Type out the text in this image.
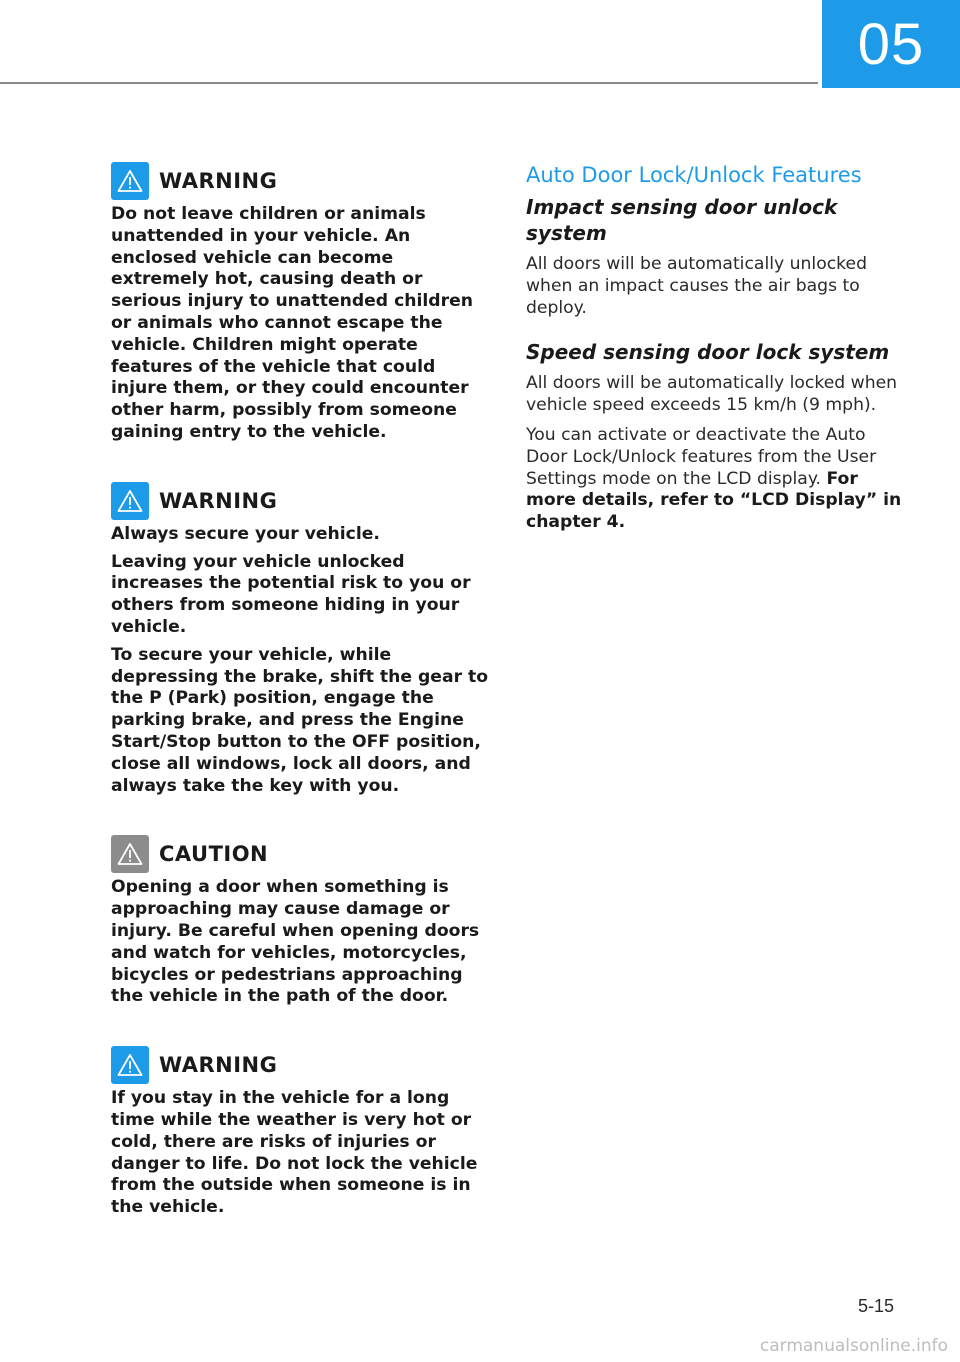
05
WARNING

Do not leave children or animals unattended in your vehicle. An enclosed vehicle can become extremely hot, causing death or serious injury to unattended children or animals who cannot escape the vehicle. Children might operate features of the vehicle that could injure them, or they could encounter other harm, possibly from someone gaining entry to the vehicle.

WARNING

Always secure your vehicle.

Leaving your vehicle unlocked increases the potential risk to you or others from someone hiding in your vehicle.

To secure your vehicle, while depressing the brake, shift the gear to the P (Park) position, engage the parking brake, and press the Engine Start/Stop button to the OFF position, close all windows, lock all doors, and always take the key with you.

CAUTION

Opening a door when something is approaching may cause damage or injury. Be careful when opening doors and watch for vehicles, motorcycles, bicycles or pedestrians approaching the vehicle in the path of the door.

WARNING

If you stay in the vehicle for a long time while the weather is very hot or cold, there are risks of injuries or danger to life. Do not lock the vehicle from the outside when someone is in the vehicle.

Auto Door Lock/Unlock Features
Impact sensing door unlock system

All doors will be automatically unlocked when an impact causes the air bags to deploy.

Speed sensing door lock system

All doors will be automatically locked when vehicle speed exceeds 15 km/h (9 mph).

You can activate or deactivate the Auto Door Lock/Unlock features from the User Settings mode on the LCD display. For more details, refer to “LCD Display” in chapter 4.

5-15
carmanualsonline.info
